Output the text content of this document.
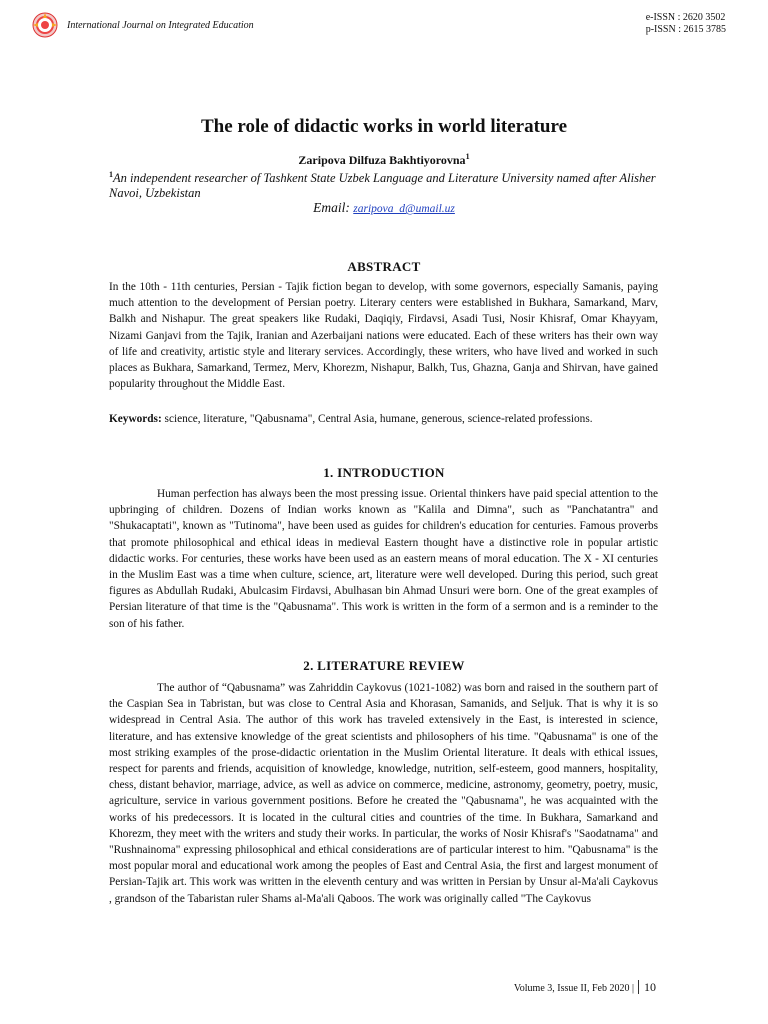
International Journal on Integrated Education
e-ISSN : 2620 3502
p-ISSN : 2615 3785
The role of didactic works in world literature
Zaripova Dilfuza Bakhtiyorovna$^1$
$^1$An independent researcher of Tashkent State Uzbek Language and Literature University named after Alisher Navoi, Uzbekistan
Email: zaripova_d@umail.uz
ABSTRACT

In the 10th - 11th centuries, Persian - Tajik fiction began to develop, with some governors, especially Samanis, paying much attention to the development of Persian poetry. Literary centers were established in Bukhara, Samarkand, Marv, Balkh and Nishapur. The great speakers like Rudaki, Daqiqiy, Firdavsi, Asadi Tusi, Nosir Khisraf, Omar Khayyam, Nizami Ganjavi from the Tajik, Iranian and Azerbaijani nations were educated. Each of these writers has their own way of life and creativity, artistic style and literary services. Accordingly, these writers, who have lived and worked in such places as Bukhara, Samarkand, Termez, Merv, Khorezm, Nishapur, Balkh, Tus, Ghazna, Ganja and Shirvan, have gained popularity throughout the Middle East.

Keywords: science, literature, "Qabusnama", Central Asia, humane, generous, science-related professions.

1. INTRODUCTION

Human perfection has always been the most pressing issue. Oriental thinkers have paid special attention to the upbringing of children. Dozens of Indian works known as "Kalila and Dimna", such as "Panchatantra" and "Shukacaptati", known as "Tutinoma", have been used as guides for children's education for centuries. Famous proverbs that promote philosophical and ethical ideas in medieval Eastern thought have a distinctive role in popular artistic didactic works. For centuries, these works have been used as an eastern means of moral education. The X - XI centuries in the Muslim East was a time when culture, science, art, literature were well developed. During this period, such great figures as Abdullah Rudaki, Abulcasim Firdavsi, Abulhasan bin Ahmad Unsuri were born. One of the great examples of Persian literature of that time is the "Qabusnama". This work is written in the form of a sermon and is a reminder to the son of his father.

2. LITERATURE REVIEW

The author of “Qabusnama” was Zahriddin Caykovus (1021-1082) was born and raised in the southern part of the Caspian Sea in Tabristan, but was close to Central Asia and Khorasan, Samanids, and Seljuk. That is why it is so widespread in Central Asia. The author of this work has traveled extensively in the East, is interested in science, literature, and has extensive knowledge of the great scientists and philosophers of his time. "Qabusnama" is one of the most striking examples of the prose-didactic orientation in the Muslim Oriental literature. It deals with ethical issues, respect for parents and friends, acquisition of knowledge, knowledge, nutrition, self-esteem, good manners, hospitality, chess, distant behavior, marriage, advice, as well as advice on commerce, medicine, astronomy, geometry, poetry, music, agriculture, service in various government positions. Before he created the "Qabusnama", he was acquainted with the works of his predecessors. It is located in the cultural cities and countries of the time. In Bukhara, Samarkand and Khorezm, they meet with the writers and study their works. In particular, the works of Nosir Khisraf's "Saodatnama" and "Rushnainoma" expressing philosophical and ethical considerations are of particular interest to him. "Qabusnama" is the most popular moral and educational work among the peoples of East and Central Asia, the first and largest monument of Persian-Tajik art. This work was written in the eleventh century and was written in Persian by Unsur al-Ma'ali Caykovus , grandson of the Tabaristan ruler Shams al-Ma'ali Qaboos. The work was originally called "The Caykovus

Volume 3, Issue II, Feb 2020 | 10
